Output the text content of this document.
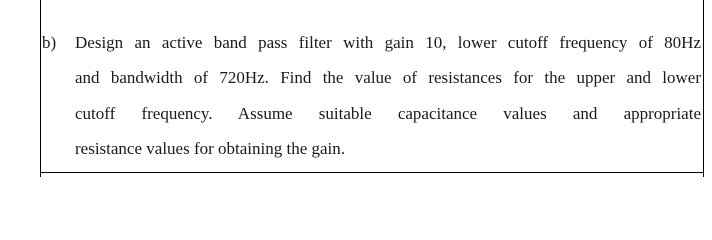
b) Design an active band pass filter with gain 10, lower cutoff frequency of 80Hz
and bandwidth of 720Hz. Find the value of resistances for the upper and lower
cutoff frequency. Assume suitable capacitance values and appropriate
resistance values for obtaining the gain.
